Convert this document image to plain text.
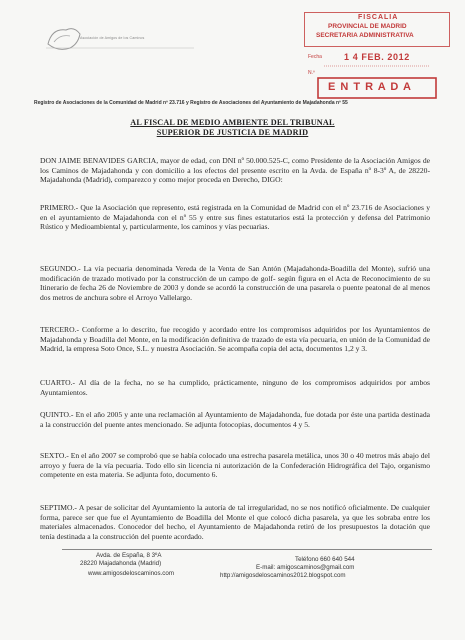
Asociación de Amigos de los Caminos
FISCALIA
PROVINCIAL DE MADRID
SECRETARIA ADMINISTRATIVA
Fecha 1 4 FEB. 2012
N.º
E N T R A D A
Registro de Asociaciones de la Comunidad de Madrid nº 23.716 y Registro de Asociaciones del Ayuntamiento de Majadahonda nº 55
AL FISCAL DE MEDIO AMBIENTE DEL TRIBUNAL
SUPERIOR DE JUSTICIA DE MADRID

DON JAIME BENAVIDES GARCIA, mayor de edad, con DNI nº 50.000.525-C, como Presidente de la Asociación Amigos de los Caminos de Majadahonda y con domicilio a los efectos del presente escrito en la Avda. de España nº 8-3º A, de 28220-Majadahonda (Madrid), comparezco y como mejor proceda en Derecho, DIGO:

PRIMERO.- Que la Asociación que represento, está registrada en la Comunidad de Madrid con el nº 23.716 de Asociaciones y en el ayuntamiento de Majadahonda con el nº 55 y entre sus fines estatutarios está la protección y defensa del Patrimonio Rústico y Medioambiental y, particularmente, los caminos y vías pecuarias.

SEGUNDO.- La vía pecuaria denominada Vereda de la Venta de San Antón (Majadahonda-Boadilla del Monte), sufrió una modificación de trazado motivado por la construcción de un campo de golf- según figura en el Acta de Reconocimiento de su Itinerario de fecha 26 de Noviembre de 2003 y donde se acordó la construcción de una pasarela o puente peatonal de al menos dos metros de anchura sobre el Arroyo Vallelargo.

TERCERO.- Conforme a lo descrito, fue recogido y acordado entre los compromisos adquiridos por los Ayuntamientos de Majadahonda y Boadilla del Monte, en la modificación definitiva de trazado de esta vía pecuaria, en unión de la Comunidad de Madrid, la empresa Soto Once, S.L. y nuestra Asociación. Se acompaña copia del acta, documentos 1,2 y 3.

CUARTO.- Al día de la fecha, no se ha cumplido, prácticamente, ninguno de los compromisos adquiridos por ambos Ayuntamientos.

QUINTO.- En el año 2005 y ante una reclamación al Ayuntamiento de Majadahonda, fue dotada por éste una partida destinada a la construcción del puente antes mencionado. Se adjunta fotocopias, documentos 4 y 5.

SEXTO.- En el año 2007 se comprobó que se había colocado una estrecha pasarela metálica, unos 30 o 40 metros más abajo del arroyo y fuera de la vía pecuaria. Todo ello sin licencia ni autorización de la Confederación Hidrográfica del Tajo, organismo competente en esta materia. Se adjunta foto, documento 6.

SEPTIMO.- A pesar de solicitar del Ayuntamiento la autoría de tal irregularidad, no se nos notificó oficialmente. De cualquier forma, parece ser que fue el Ayuntamiento de Boadilla del Monte el que colocó dicha pasarela, ya que les sobraba entre los materiales almacenados. Conocedor del hecho, el Ayuntamiento de Majadahonda retiró de los presupuestos la dotación que tenía destinada a la construcción del puente acordado.

Avda. de España, 8 3ºA
28220 Majadahonda (Madrid)
www.amigosdeloscaminos.com
Teléfono 660 640 544
E-mail: amigoscaminos@gmail.com
http://amigosdeloscaminos2012.blogspot.com
